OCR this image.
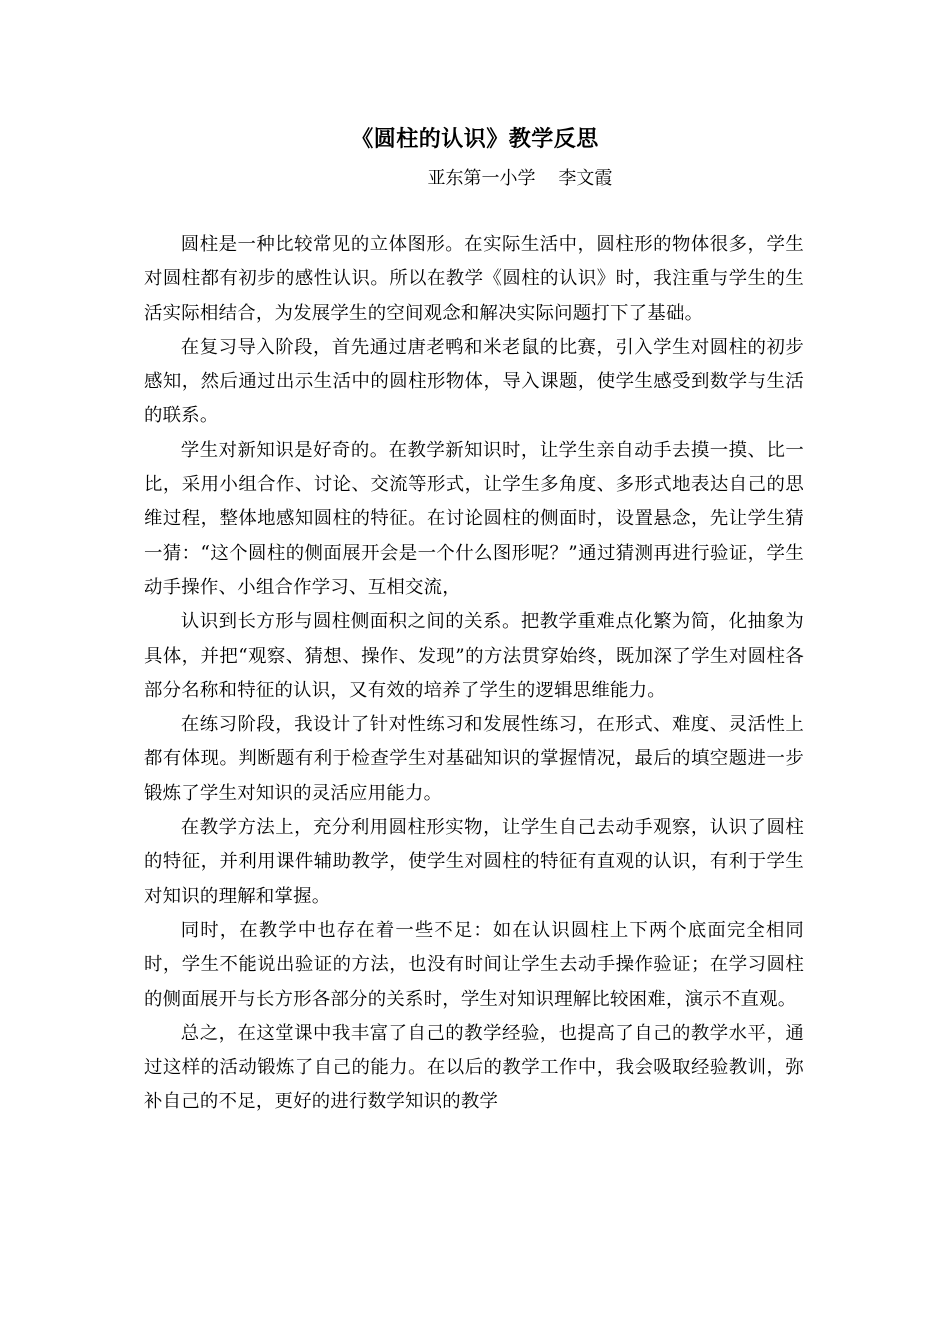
《圆柱的认识》教学反思
亚东第一小学    李文霞

圆柱是一种比较常见的立体图形。在实际生活中，圆柱形的物体很多，学生对圆柱都有初步的感性认识。所以在教学《圆柱的认识》时，我注重与学生的生活实际相结合，为发展学生的空间观念和解决实际问题打下了基础。

在复习导入阶段，首先通过唐老鸭和米老鼠的比赛，引入学生对圆柱的初步感知，然后通过出示生活中的圆柱形物体，导入课题，使学生感受到数学与生活的联系。

学生对新知识是好奇的。在教学新知识时，让学生亲自动手去摸一摸、比一比，采用小组合作、讨论、交流等形式，让学生多角度、多形式地表达自己的思维过程，整体地感知圆柱的特征。在讨论圆柱的侧面时，设置悬念，先让学生猜一猜：“这个圆柱的侧面展开会是一个什么图形呢？”通过猜测再进行验证，学生动手操作、小组合作学习、互相交流，

认识到长方形与圆柱侧面积之间的关系。把教学重难点化繁为简，化抽象为具体，并把“观察、猜想、操作、发现”的方法贯穿始终，既加深了学生对圆柱各部分名称和特征的认识，又有效的培养了学生的逻辑思维能力。

在练习阶段，我设计了针对性练习和发展性练习，在形式、难度、灵活性上都有体现。判断题有利于检查学生对基础知识的掌握情况，最后的填空题进一步锻炼了学生对知识的灵活应用能力。

在教学方法上，充分利用圆柱形实物，让学生自己去动手观察，认识了圆柱的特征，并利用课件辅助教学，使学生对圆柱的特征有直观的认识，有利于学生对知识的理解和掌握。

同时，在教学中也存在着一些不足：如在认识圆柱上下两个底面完全相同时，学生不能说出验证的方法，也没有时间让学生去动手操作验证；在学习圆柱的侧面展开与长方形各部分的关系时，学生对知识理解比较困难，演示不直观。

总之，在这堂课中我丰富了自己的教学经验，也提高了自己的教学水平，通过这样的活动锻炼了自己的能力。在以后的教学工作中，我会吸取经验教训，弥补自己的不足，更好的进行数学知识的教学
